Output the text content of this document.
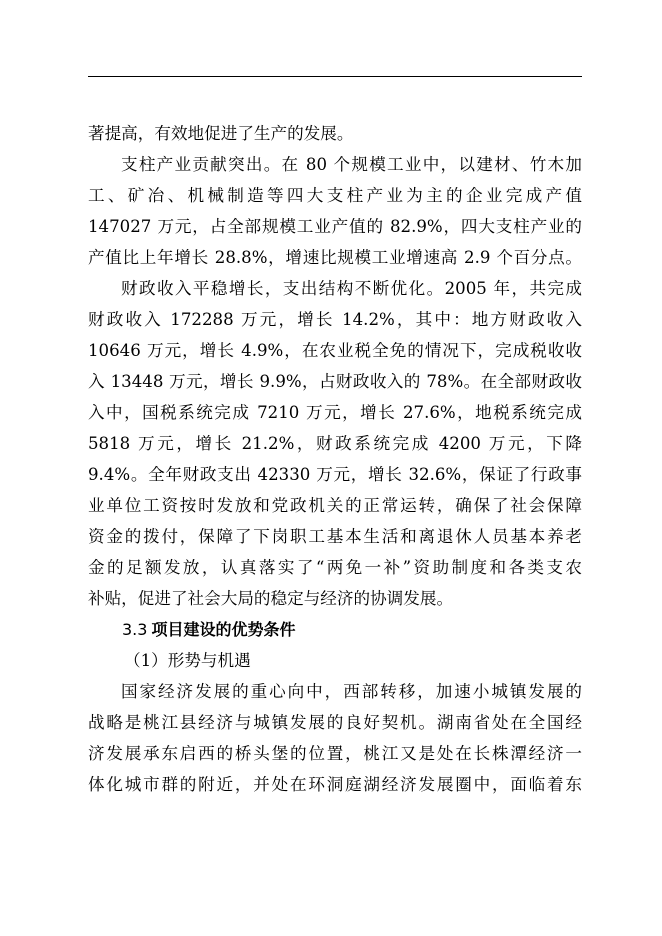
著提高，有效地促进了生产的发展。
支柱产业贡献突出。在 80 个规模工业中，以建材、竹木加
工、矿冶、机械制造等四大支柱产业为主的企业完成产值
147027 万元，占全部规模工业产值的 82.9%，四大支柱产业的
产值比上年增长 28.8%，增速比规模工业增速高 2.9 个百分点。
财政收入平稳增长，支出结构不断优化。2005 年，共完成
财政收入 172288 万元，增长 14.2%，其中：地方财政收入
10646 万元，增长 4.9%，在农业税全免的情况下，完成税收收
入 13448 万元，增长 9.9%，占财政收入的 78%。在全部财政收
入中，国税系统完成 7210 万元，增长 27.6%，地税系统完成
5818 万元，增长 21.2%，财政系统完成 4200 万元，下降
9.4%。全年财政支出 42330 万元，增长 32.6%，保证了行政事
业单位工资按时发放和党政机关的正常运转，确保了社会保障
资金的拨付，保障了下岗职工基本生活和离退休人员基本养老
金的足额发放，认真落实了“两免一补”资助制度和各类支农
补贴，促进了社会大局的稳定与经济的协调发展。
3.3 项目建设的优势条件
（1）形势与机遇
国家经济发展的重心向中，西部转移，加速小城镇发展的
战略是桃江县经济与城镇发展的良好契机。湖南省处在全国经
济发展承东启西的桥头堡的位置，桃江又是处在长株潭经济一
体化城市群的附近，并处在环洞庭湖经济发展圈中，面临着东
